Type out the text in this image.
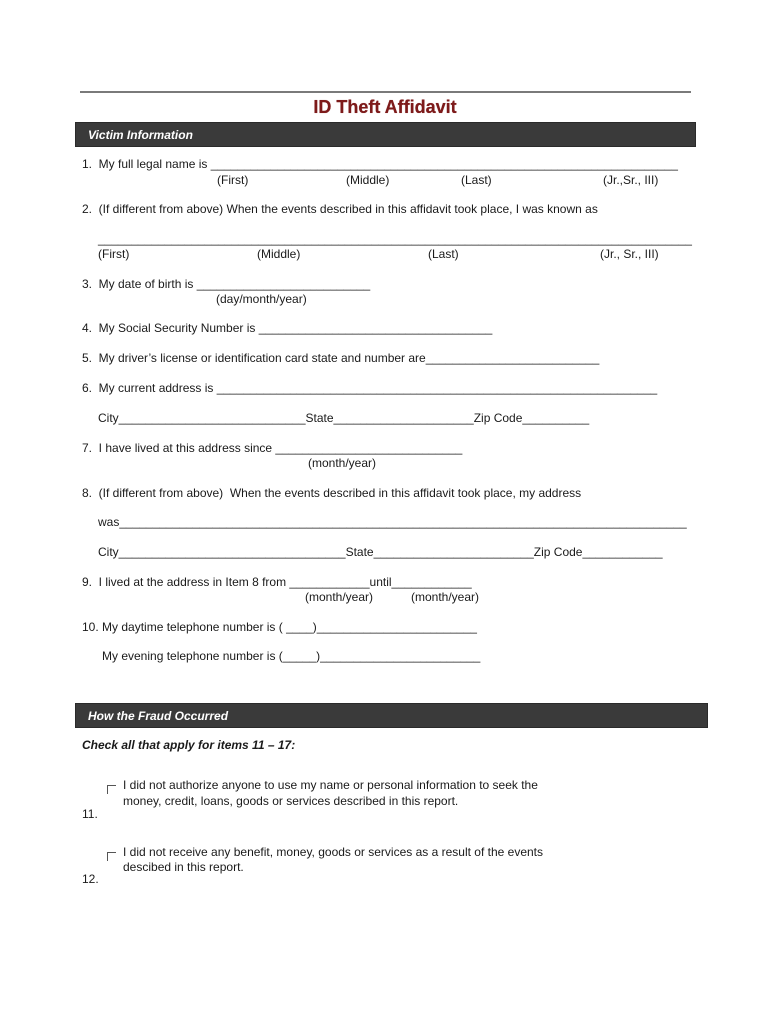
ID Theft Affidavit
Victim Information
1.  My full legal name is ______________________________________________________________________
(First)	(Middle)	(Last)	(Jr.,Sr., III)
2.  (If different from above) When the events described in this affidavit took place, I was known as
_________________________________________________________________________________________
(First)	(Middle)	(Last)	(Jr., Sr., III)
3.  My date of birth is __________________________
(day/month/year)
4.  My Social Security Number is ___________________________________
5.  My driver’s license or identification card state and number are__________________________
6.  My current address is __________________________________________________________________
City____________________________State_____________________Zip Code__________
7.  I have lived at this address since ____________________________
(month/year)
8.  (If different from above)  When the events described in this affidavit took place, my address
was_____________________________________________________________________________________
City__________________________________State________________________Zip Code____________
9.  I lived at the address in Item 8 from ____________until____________
(month/year)	(month/year)
10. My daytime telephone number is ( ____)________________________
My evening telephone number is (_____)________________________
How the Fraud Occurred
Check all that apply for items 11 – 17:
I did not authorize anyone to use my name or personal information to seek the
money, credit, loans, goods or services described in this report.
11.
I did not receive any benefit, money, goods or services as a result of the events
descibed in this report.
12.
